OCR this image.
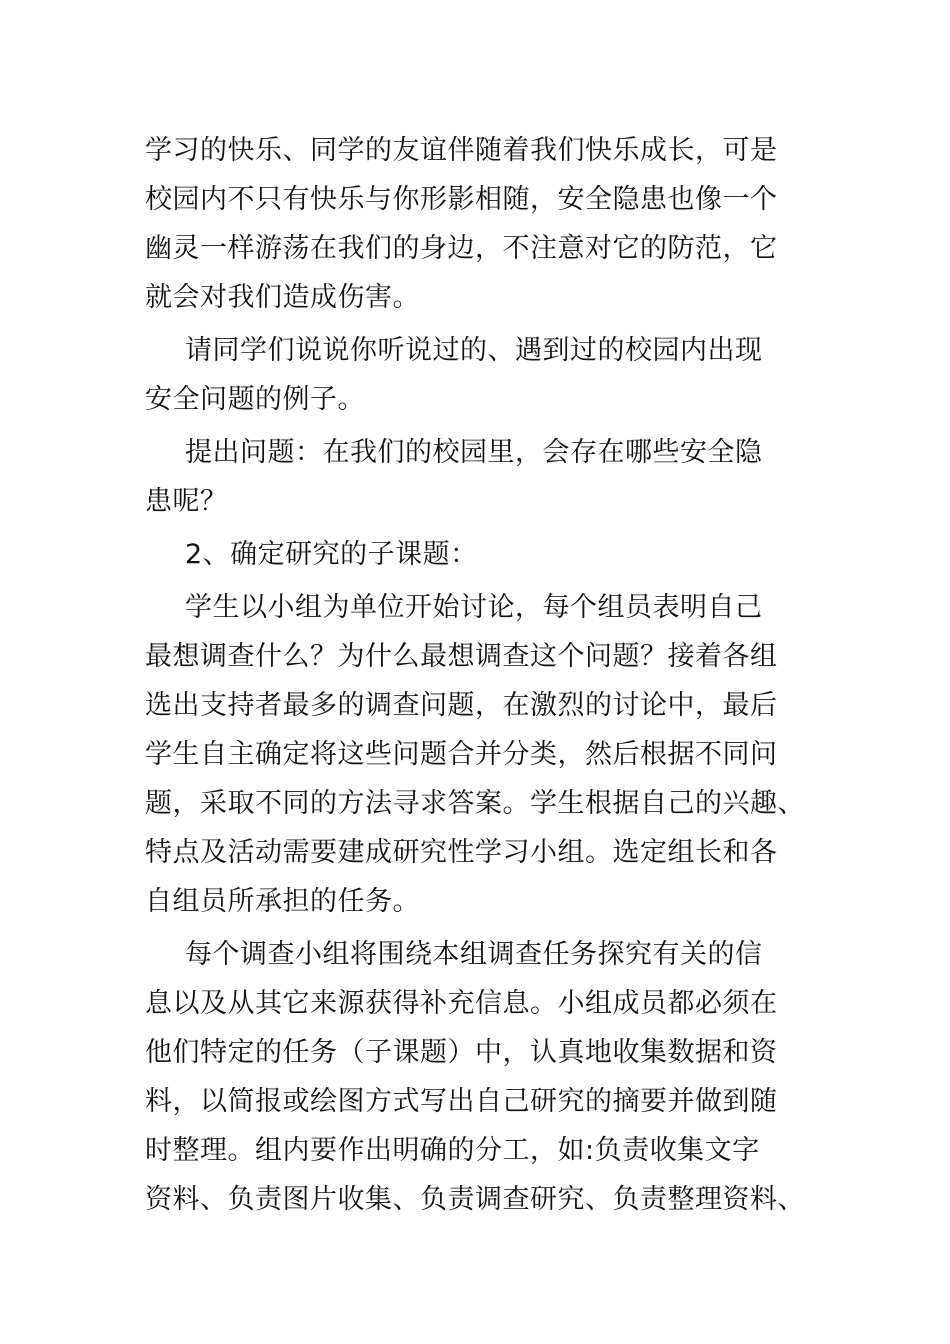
学习的快乐、同学的友谊伴随着我们快乐成长，可是
校园内不只有快乐与你形影相随，安全隐患也像一个
幽灵一样游荡在我们的身边，不注意对它的防范，它
就会对我们造成伤害。
请同学们说说你听说过的、遇到过的校园内出现
安全问题的例子。
提出问题：在我们的校园里，会存在哪些安全隐
患呢？
2、确定研究的子课题：
学生以小组为单位开始讨论，每个组员表明自己
最想调查什么？为什么最想调查这个问题？接着各组
选出支持者最多的调查问题，在激烈的讨论中，最后
学生自主确定将这些问题合并分类，然后根据不同问
题，采取不同的方法寻求答案。学生根据自己的兴趣、
特点及活动需要建成研究性学习小组。选定组长和各
自组员所承担的任务。
每个调查小组将围绕本组调查任务探究有关的信
息以及从其它来源获得补充信息。小组成员都必须在
他们特定的任务（子课题）中，认真地收集数据和资
料，以简报或绘图方式写出自己研究的摘要并做到随
时整理。组内要作出明确的分工，如:负责收集文字
资料、负责图片收集、负责调查研究、负责整理资料、
